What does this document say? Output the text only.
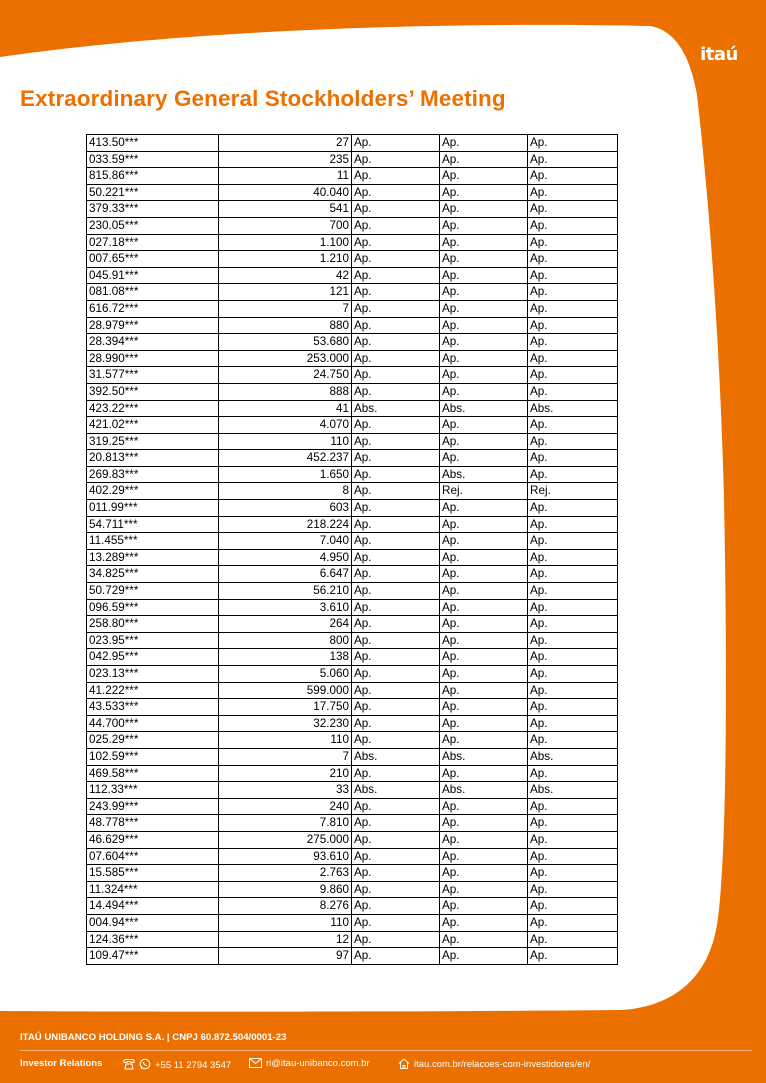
itaú
Extraordinary General Stockholders’ Meeting
413.50***	27	Ap.	Ap.	Ap.
033.59***	235	Ap.	Ap.	Ap.
815.86***	11	Ap.	Ap.	Ap.
50.221***	40.040	Ap.	Ap.	Ap.
379.33***	541	Ap.	Ap.	Ap.
230.05***	700	Ap.	Ap.	Ap.
027.18***	1.100	Ap.	Ap.	Ap.
007.65***	1.210	Ap.	Ap.	Ap.
045.91***	42	Ap.	Ap.	Ap.
081.08***	121	Ap.	Ap.	Ap.
616.72***	7	Ap.	Ap.	Ap.
28.979***	880	Ap.	Ap.	Ap.
28.394***	53.680	Ap.	Ap.	Ap.
28.990***	253.000	Ap.	Ap.	Ap.
31.577***	24.750	Ap.	Ap.	Ap.
392.50***	888	Ap.	Ap.	Ap.
423.22***	41	Abs.	Abs.	Abs.
421.02***	4.070	Ap.	Ap.	Ap.
319.25***	110	Ap.	Ap.	Ap.
20.813***	452.237	Ap.	Ap.	Ap.
269.83***	1.650	Ap.	Abs.	Ap.
402.29***	8	Ap.	Rej.	Rej.
011.99***	603	Ap.	Ap.	Ap.
54.711***	218.224	Ap.	Ap.	Ap.
11.455***	7.040	Ap.	Ap.	Ap.
13.289***	4.950	Ap.	Ap.	Ap.
34.825***	6.647	Ap.	Ap.	Ap.
50.729***	56.210	Ap.	Ap.	Ap.
096.59***	3.610	Ap.	Ap.	Ap.
258.80***	264	Ap.	Ap.	Ap.
023.95***	800	Ap.	Ap.	Ap.
042.95***	138	Ap.	Ap.	Ap.
023.13***	5.060	Ap.	Ap.	Ap.
41.222***	599.000	Ap.	Ap.	Ap.
43.533***	17.750	Ap.	Ap.	Ap.
44.700***	32.230	Ap.	Ap.	Ap.
025.29***	110	Ap.	Ap.	Ap.
102.59***	7	Abs.	Abs.	Abs.
469.58***	210	Ap.	Ap.	Ap.
112.33***	33	Abs.	Abs.	Abs.
243.99***	240	Ap.	Ap.	Ap.
48.778***	7.810	Ap.	Ap.	Ap.
46.629***	275.000	Ap.	Ap.	Ap.
07.604***	93.610	Ap.	Ap.	Ap.
15.585***	2.763	Ap.	Ap.	Ap.
11.324***	9.860	Ap.	Ap.	Ap.
14.494***	8.276	Ap.	Ap.	Ap.
004.94***	110	Ap.	Ap.	Ap.
124.36***	12	Ap.	Ap.	Ap.
109.47***	97	Ap.	Ap.	Ap.
ITAÚ UNIBANCO HOLDING S.A. | CNPJ 60.872.504/0001-23
Investor Relations	+55 11 2794 3547	ri@itau-unibanco.com.br	itau.com.br/relacoes-com-investidores/en/
